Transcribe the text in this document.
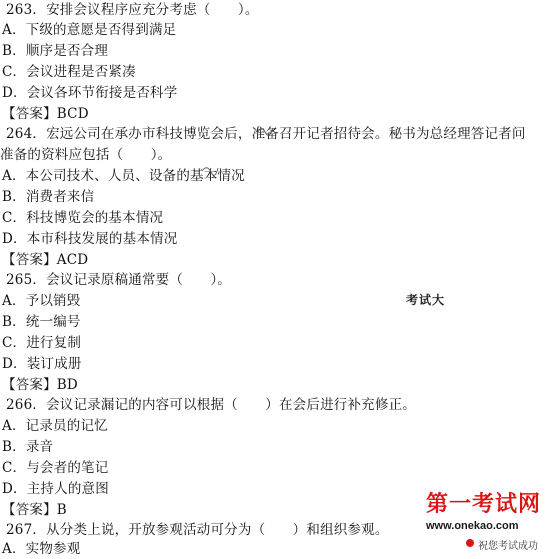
263．安排会议程序应充分考虑（　　）。
A．下级的意愿是否得到满足
B．顺序是否合理
C．会议进程是否紧凑
D．会议各环节衔接是否科学
【答案】BCD
264．宏远公司在承办市科技博览会后，准备召开记者招待会。秘书为总经理答记者问
准备的资料应包括（　　）。
A．本公司技术、人员、设备的基本情况
B．消费者来信
C．科技博览会的基本情况
D．本市科技发展的基本情况
【答案】ACD
265．会议记录原稿通常要（　　）。
A．予以销毁
B．统一编号
C．进行复制
D．装订成册
【答案】BD
266．会议记录漏记的内容可以根据（　　）在会后进行补充修正。
A．记录员的记忆
B．录音
C．与会者的笔记
D．主持人的意图
【答案】B
267．从分类上说，开放参观活动可分为（　　）和组织参观。
A．实物参观
考试大
第一考试网
www.onekao.com
祝您考试成功
